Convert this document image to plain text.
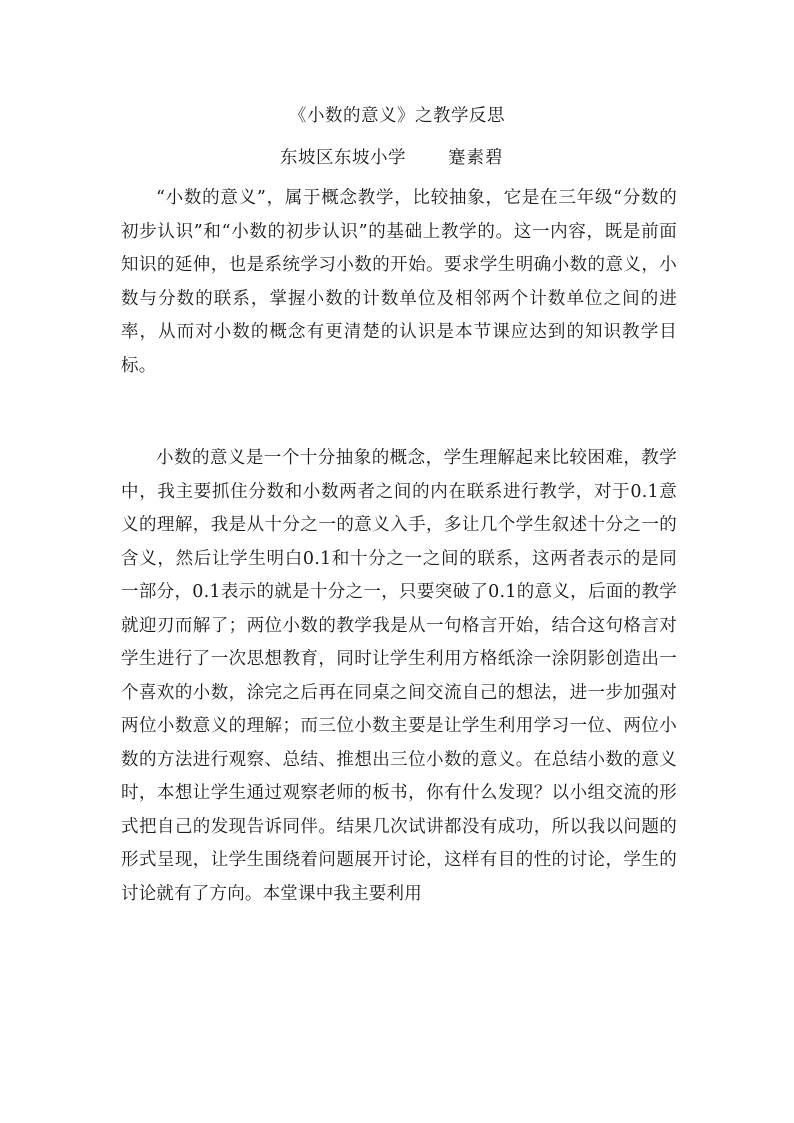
《小数的意义》之教学反思
东坡区东坡小学 蹇素碧

“小数的意义”，属于概念教学，比较抽象，它是在三年级“分数的初步认识”和“小数的初步认识”的基础上教学的。这一内容，既是前面知识的延伸，也是系统学习小数的开始。要求学生明确小数的意义，小数与分数的联系，掌握小数的计数单位及相邻两个计数单位之间的进率，从而对小数的概念有更清楚的认识是本节课应达到的知识教学目标。

小数的意义是一个十分抽象的概念，学生理解起来比较困难，教学中，我主要抓住分数和小数两者之间的内在联系进行教学，对于0.1意义的理解，我是从十分之一的意义入手，多让几个学生叙述十分之一的含义，然后让学生明白0.1和十分之一之间的联系，这两者表示的是同一部分，0.1表示的就是十分之一，只要突破了0.1的意义，后面的教学就迎刃而解了；两位小数的教学我是从一句格言开始，结合这句格言对学生进行了一次思想教育，同时让学生利用方格纸涂一涂阴影创造出一个喜欢的小数，涂完之后再在同桌之间交流自己的想法，进一步加强对两位小数意义的理解；而三位小数主要是让学生利用学习一位、两位小数的方法进行观察、总结、推想出三位小数的意义。在总结小数的意义时，本想让学生通过观察老师的板书，你有什么发现？以小组交流的形式把自己的发现告诉同伴。结果几次试讲都没有成功，所以我以问题的形式呈现，让学生围绕着问题展开讨论，这样有目的性的讨论，学生的讨论就有了方向。本堂课中我主要利用
